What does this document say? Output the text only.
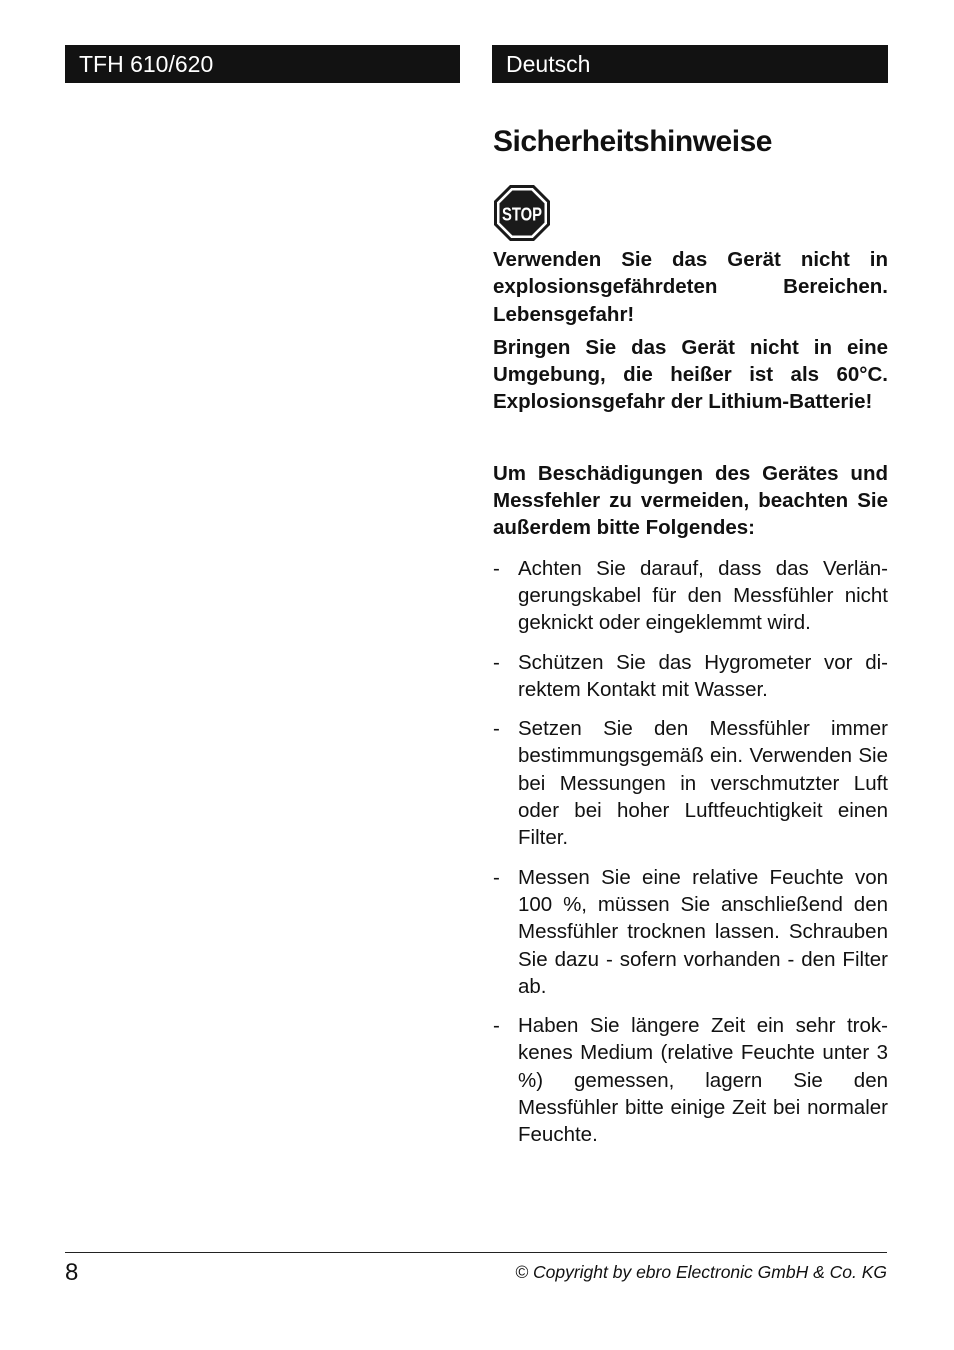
TFH 610/620	Deutsch
Sicherheitshinweise
STOP

Verwenden Sie das Gerät nicht in explosionsgefährdeten Bereichen. Lebensgefahr!

Bringen Sie das Gerät nicht in eine Umgebung, die heißer ist als 60°C. Explosionsgefahr der Lithium-Batterie!

Um Beschädigungen des Gerätes und Messfehler zu vermeiden, beachten Sie außerdem bitte Folgendes:

- Achten Sie darauf, dass das Verlängerungskabel für den Messfühler nicht geknickt oder eingeklemmt wird.
- Schützen Sie das Hygrometer vor direktem Kontakt mit Wasser.
- Setzen Sie den Messfühler immer bestimmungsgemäß ein. Verwenden Sie bei Messungen in verschmutzter Luft oder bei hoher Luftfeuchtigkeit einen Filter.
- Messen Sie eine relative Feuchte von 100 %, müssen Sie anschließend den Messfühler trocknen lassen. Schrauben Sie dazu - sofern vorhanden - den Filter ab.
- Haben Sie längere Zeit ein sehr trokkenes Medium (relative Feuchte unter 3 %) gemessen, lagern Sie den Messfühler bitte einige Zeit bei normaler Feuchte.
8	© Copyright by ebro Electronic GmbH & Co. KG
